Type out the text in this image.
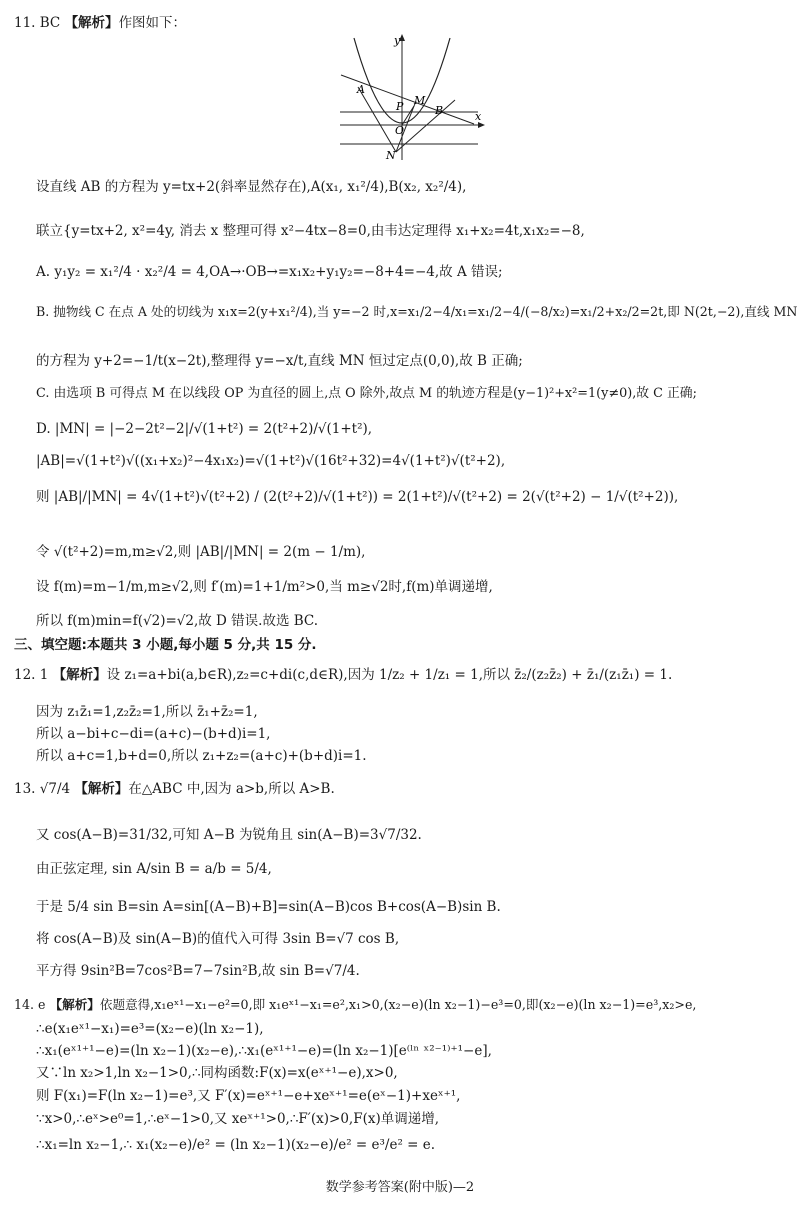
11. BC 【解析】作图如下：
y
x
A
P M
B
O
N
设直线 AB 的方程为 y=tx+2(斜率显然存在),A(x₁, x₁²/4),B(x₂, x₂²/4),
联立{y=tx+2, x²=4y, 消去 x 整理可得 x²−4tx−8=0,由韦达定理得 x₁+x₂=4t,x₁x₂=−8,
A. y₁y₂ = x₁²/4 · x₂²/4 = 4,OA→·OB→=x₁x₂+y₁y₂=−8+4=−4,故 A 错误;
B. 抛物线 C 在点 A 处的切线为 x₁x=2(y+x₁²/4),当 y=−2 时,x=x₁/2−4/x₁=x₁/2−4/(−8/x₂)=x₁/2+x₂/2=2t,即 N(2t,−2),直线 MN
的方程为 y+2=−1/t(x−2t),整理得 y=−x/t,直线 MN 恒过定点(0,0),故 B 正确;
C. 由选项 B 可得点 M 在以线段 OP 为直径的圆上,点 O 除外,故点 M 的轨迹方程是(y−1)²+x²=1(y≠0),故 C 正确;
D. |MN| = |−2−2t²−2|/√(1+t²) = 2(t²+2)/√(1+t²),
|AB|=√(1+t²)√((x₁+x₂)²−4x₁x₂)=√(1+t²)√(16t²+32)=4√(1+t²)√(t²+2),
则 |AB|/|MN| = 4√(1+t²)√(t²+2) / (2(t²+2)/√(1+t²)) = 2(1+t²)/√(t²+2) = 2(√(t²+2) − 1/√(t²+2)),
令 √(t²+2)=m,m≥√2,则 |AB|/|MN| = 2(m − 1/m),
设 f(m)=m−1/m,m≥√2,则 f′(m)=1+1/m²>0,当 m≥√2时,f(m)单调递增,
所以 f(m)min=f(√2)=√2,故 D 错误.故选 BC.
三、填空题:本题共 3 小题,每小题 5 分,共 15 分.
12. 1 【解析】设 z₁=a+bi(a,b∈R),z₂=c+di(c,d∈R),因为 1/z₂ + 1/z₁ = 1,所以 z̄₂/(z₂z̄₂) + z̄₁/(z₁z̄₁) = 1.
因为 z₁z̄₁=1,z₂z̄₂=1,所以 z̄₁+z̄₂=1,
所以 a−bi+c−di=(a+c)−(b+d)i=1,
所以 a+c=1,b+d=0,所以 z₁+z₂=(a+c)+(b+d)i=1.
13. √7/4 【解析】在△ABC 中,因为 a>b,所以 A>B.
又 cos(A−B)=31/32,可知 A−B 为锐角且 sin(A−B)=3√7/32.
由正弦定理, sin A/sin B = a/b = 5/4,
于是 5/4 sin B=sin A=sin[(A−B)+B]=sin(A−B)cos B+cos(A−B)sin B.
将 cos(A−B)及 sin(A−B)的值代入可得 3sin B=√7 cos B,
平方得 9sin²B=7cos²B=7−7sin²B,故 sin B=√7/4.
14. e 【解析】依题意得,x₁eˣ¹−x₁−e²=0,即 x₁eˣ¹−x₁=e²,x₁>0,(x₂−e)(ln x₂−1)−e³=0,即(x₂−e)(ln x₂−1)=e³,x₂>e,
∴e(x₁eˣ¹−x₁)=e³=(x₂−e)(ln x₂−1),
∴x₁(eˣ¹⁺¹−e)=(ln x₂−1)(x₂−e),∴x₁(eˣ¹⁺¹−e)=(ln x₂−1)[e⁽ˡⁿ ˣ²⁻¹⁾⁺¹−e],
又∵ln x₂>1,ln x₂−1>0,∴同构函数:F(x)=x(eˣ⁺¹−e),x>0,
则 F(x₁)=F(ln x₂−1)=e³,又 F′(x)=eˣ⁺¹−e+xeˣ⁺¹=e(eˣ−1)+xeˣ⁺¹,
∵x>0,∴eˣ>e⁰=1,∴eˣ−1>0,又 xeˣ⁺¹>0,∴F′(x)>0,F(x)单调递增,
∴x₁=ln x₂−1,∴ x₁(x₂−e)/e² = (ln x₂−1)(x₂−e)/e² = e³/e² = e.
数学参考答案(附中版)—2
